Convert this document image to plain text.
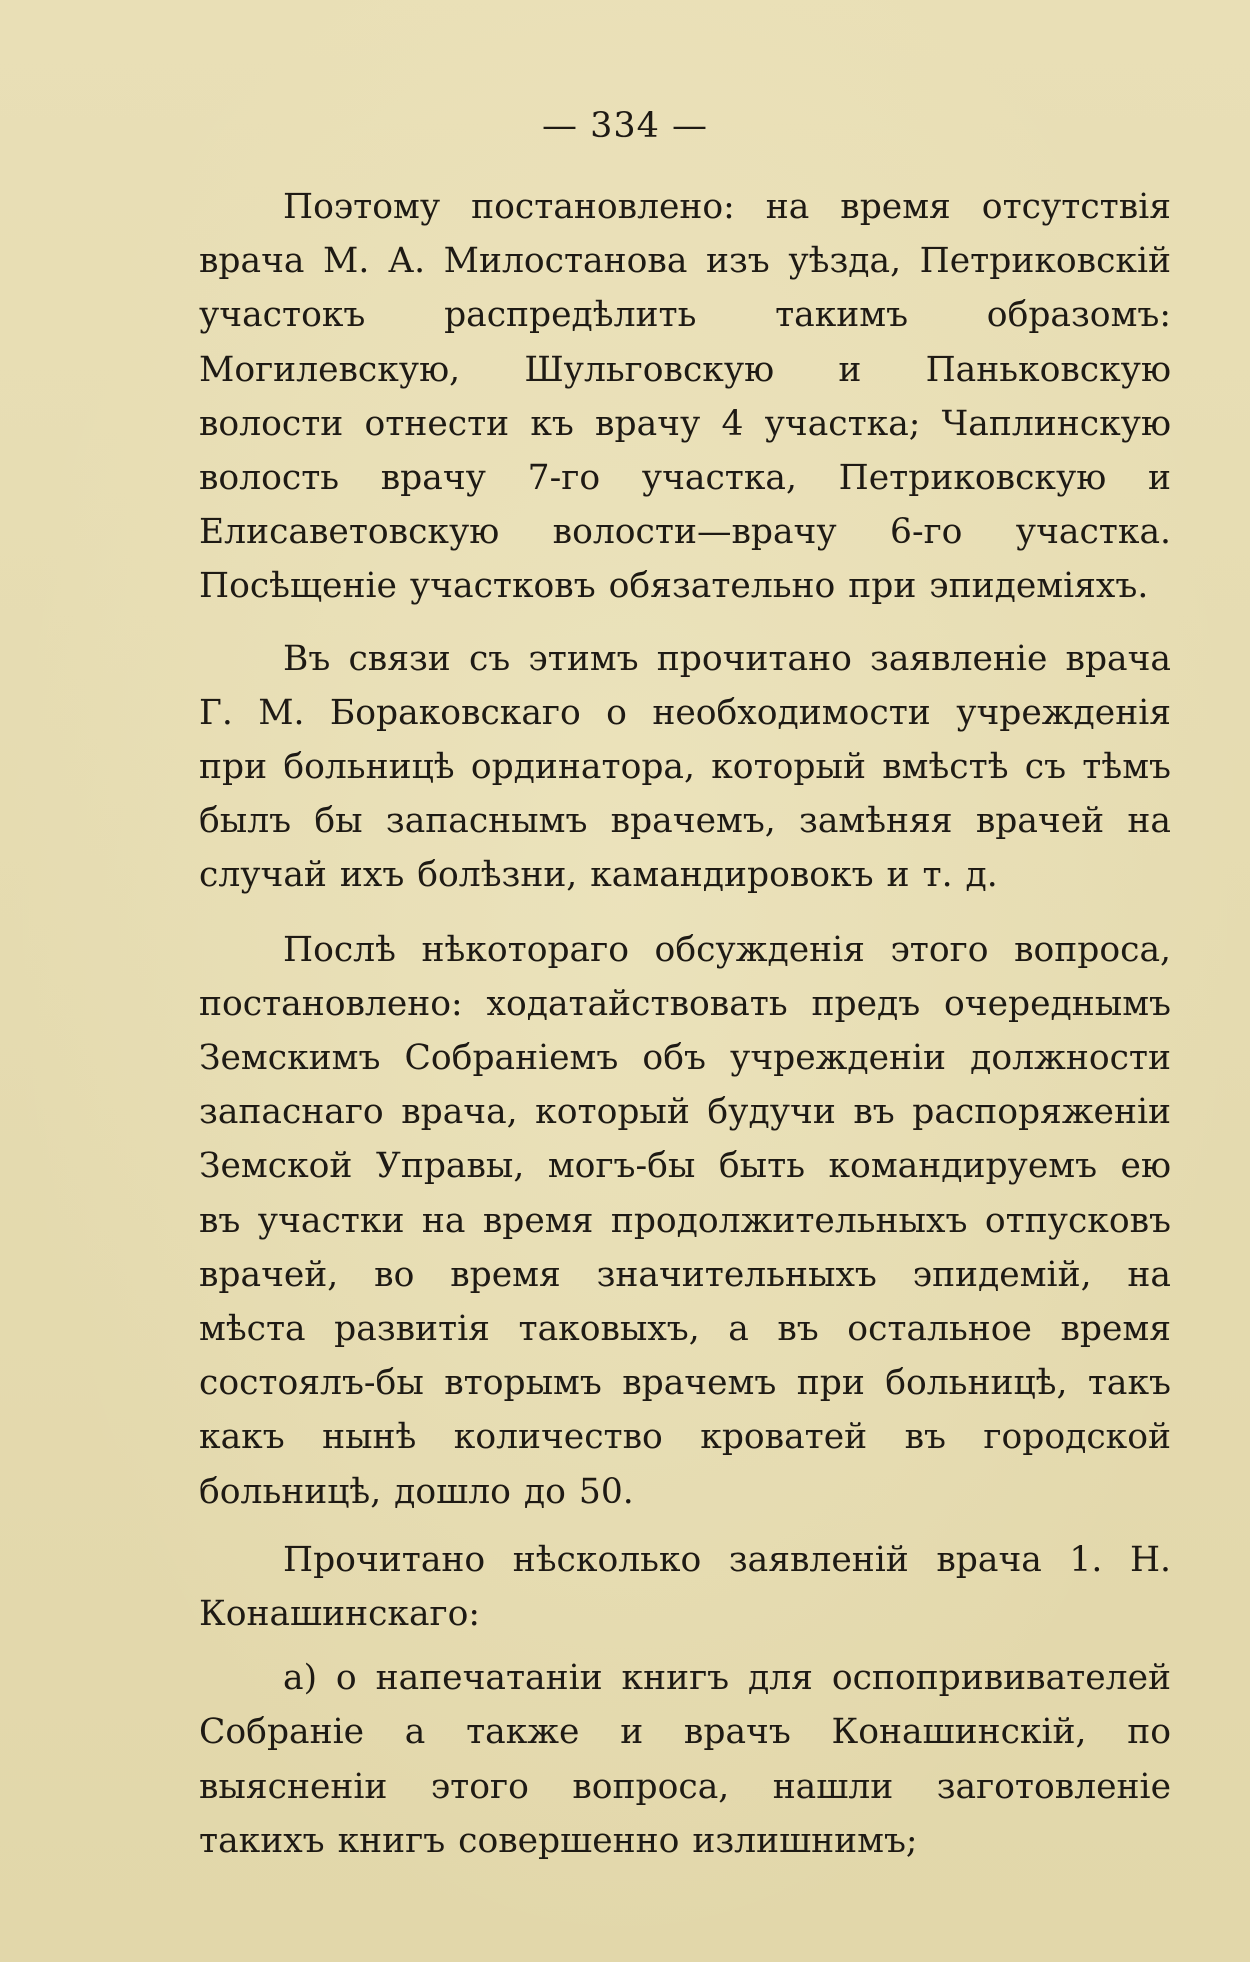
— 334 —

Поэтому постановлено: на время отсутствія врача М. А. Милостанова изъ уѣзда, Петриковскій участокъ распредѣлить такимъ образомъ: Могилевскую, Шульговскую и Паньковскую волости отнести къ врачу 4 участка; Чаплинскую волость врачу 7-го участка, Петриковскую и Елисаветовскую волости—врачу 6-го участка. Посѣщеніе участковъ обязательно при эпидеміяхъ.

Въ связи съ этимъ прочитано заявленіе врача Г. М. Бораковскаго о необходимости учрежденія при больницѣ ординатора, который вмѣстѣ съ тѣмъ былъ бы запаснымъ врачемъ, замѣняя врачей на случай ихъ болѣзни, камандировокъ и т. д.

Послѣ нѣкотораго обсужденія этого вопроса, постановлено: ходатайствовать предъ очереднымъ Земскимъ Собраніемъ объ учрежденіи должности запаснаго врача, который будучи въ распоряженіи Земской Управы, могъ-бы быть командируемъ ею въ участки на время продолжительныхъ отпусковъ врачей, во время значительныхъ эпидемій, на мѣста развитія таковыхъ, а въ остальное время состоялъ-бы вторымъ врачемъ при больницѣ, такъ какъ нынѣ количество кроватей въ городской больницѣ, дошло до 50.

Прочитано нѣсколько заявленій врача 1. Н. Конашинскаго:

а) о напечатаніи книгъ для оспопрививателей Собраніе а также и врачъ Конашинскій, по выясненіи этого вопроса, нашли заготовленіе такихъ книгъ совершенно излишнимъ;
